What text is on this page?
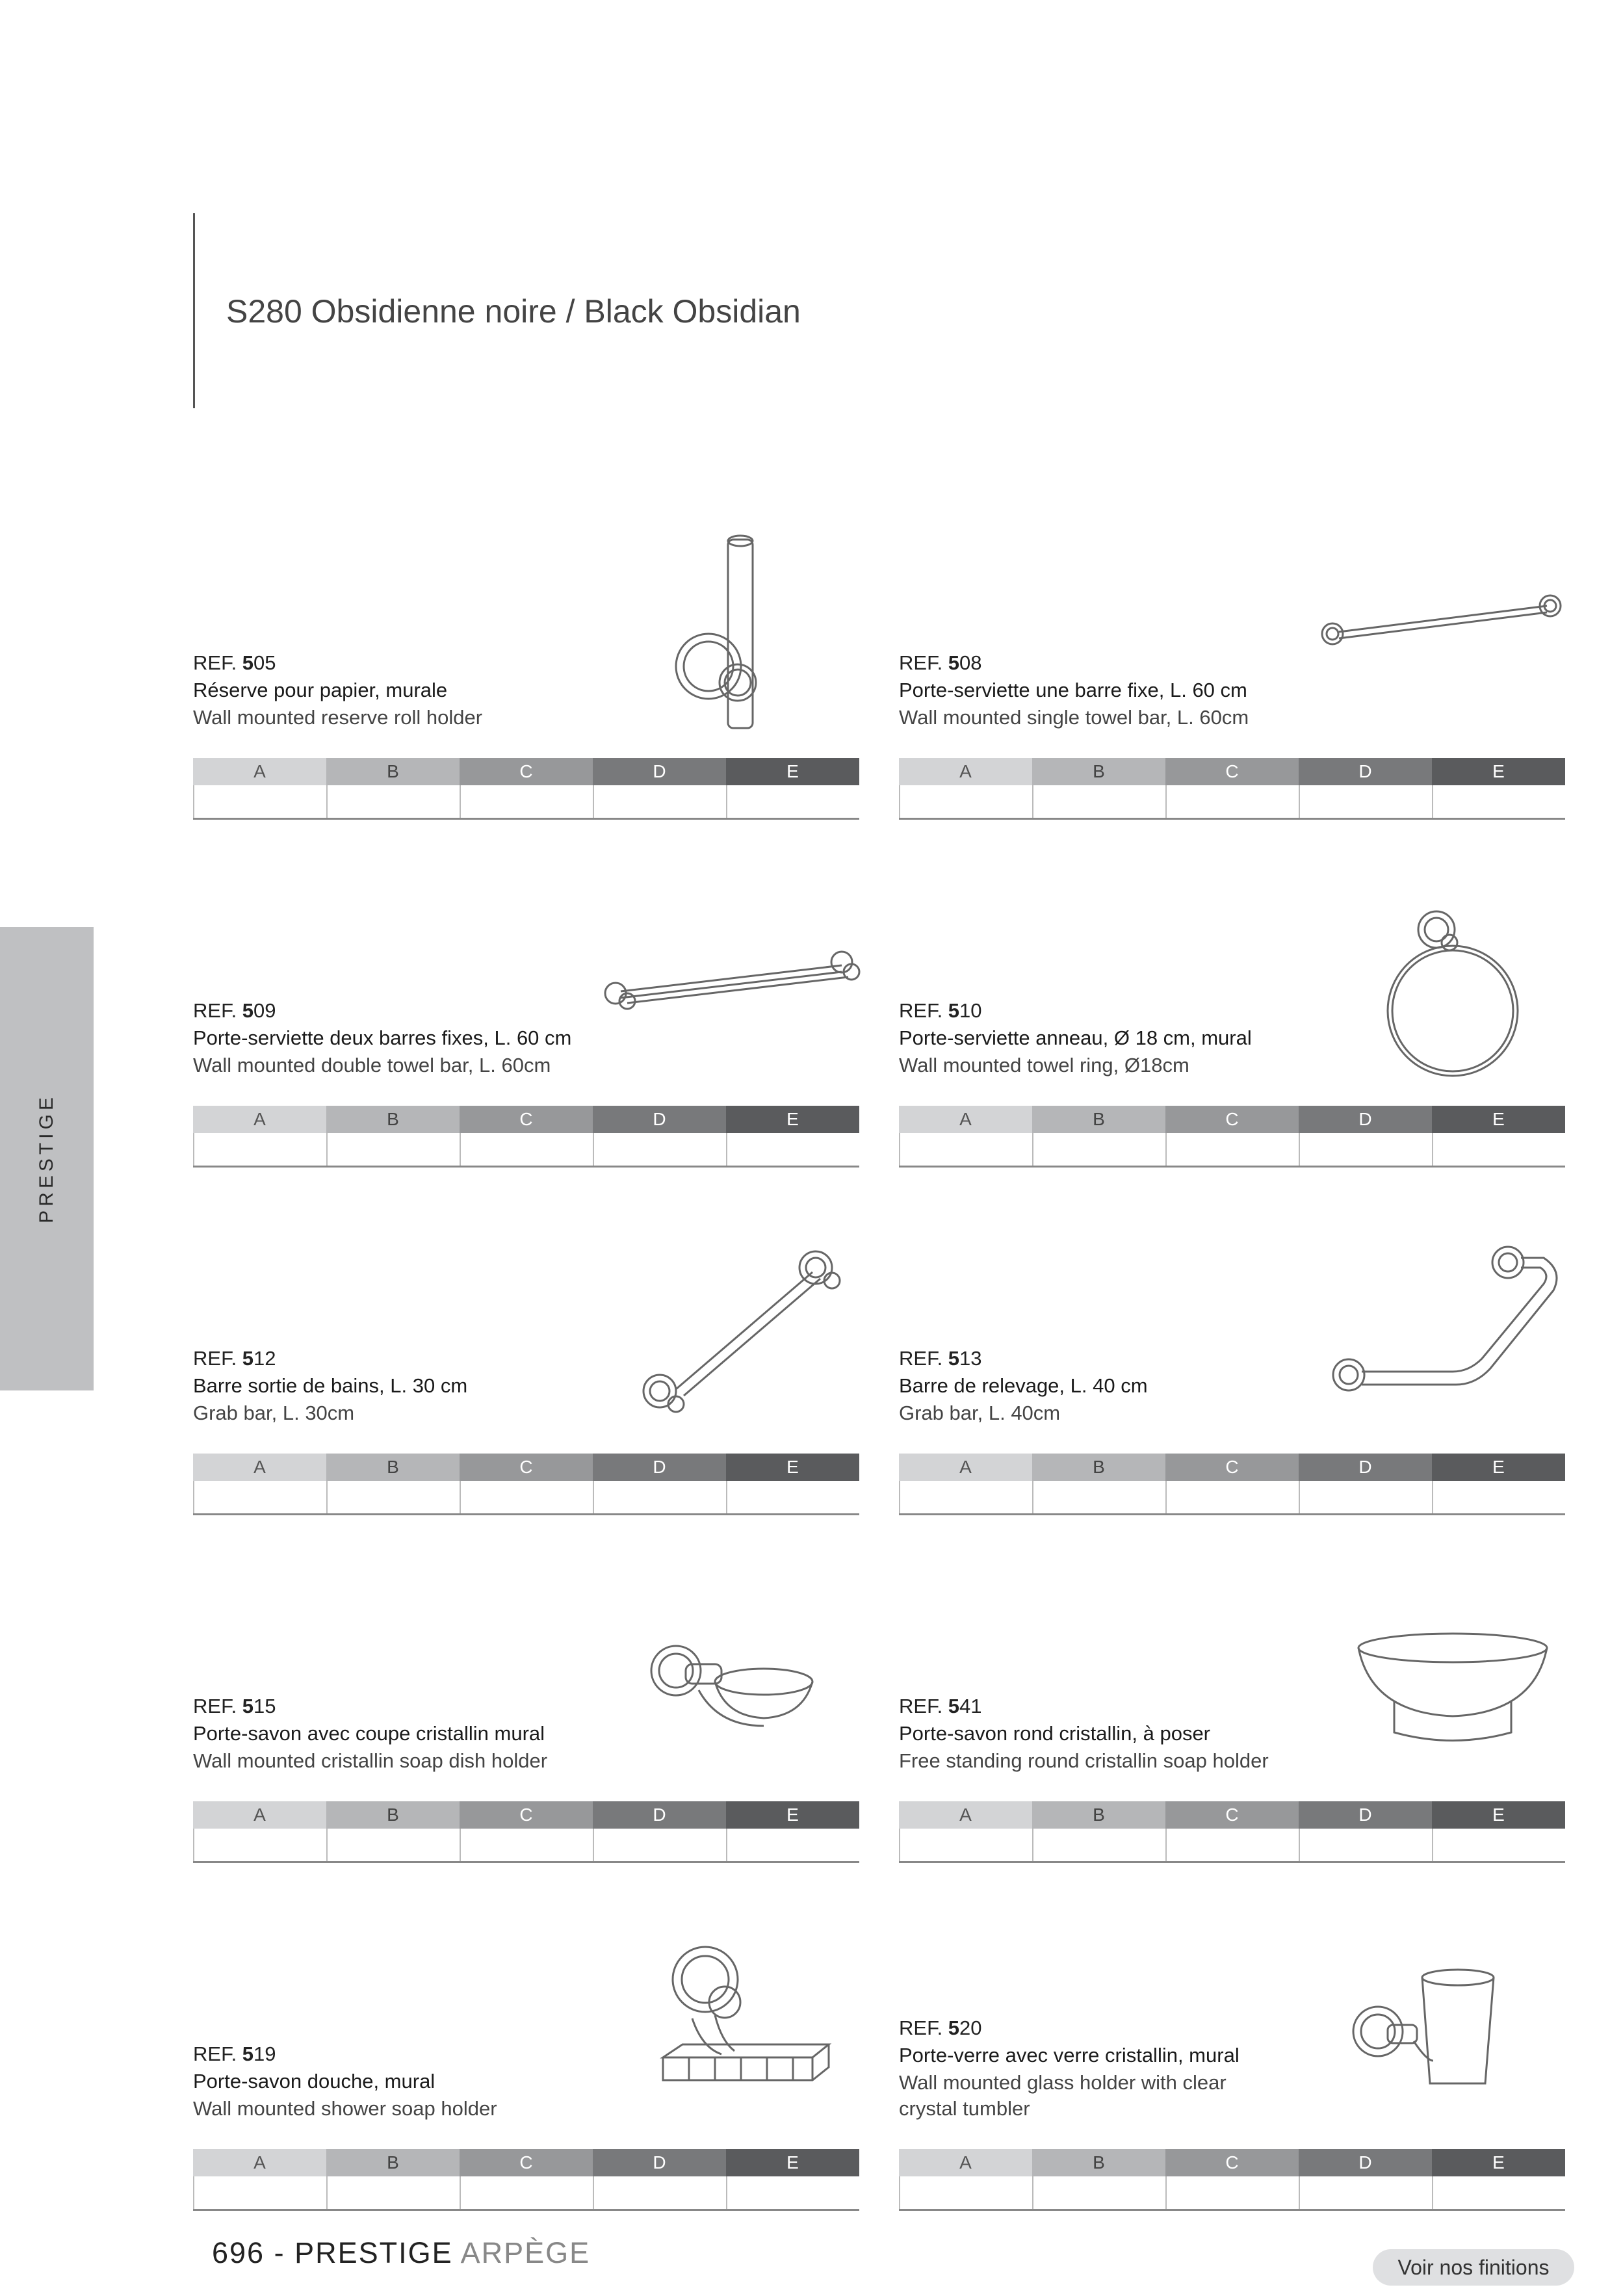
S280 Obsidienne noire / Black Obsidian
PRESTIGE

REF. 505

Réserve pour papier, murale

Wall mounted reserve roll holder

A	B	C	D	E

REF. 508

Porte-serviette une barre fixe, L. 60 cm

Wall mounted single towel bar, L. 60cm

A	B	C	D	E

REF. 509

Porte-serviette deux barres fixes, L. 60 cm

Wall mounted double towel bar, L. 60cm

A	B	C	D	E

REF. 510

Porte-serviette anneau, Ø 18 cm, mural

Wall mounted towel ring, Ø18cm

A	B	C	D	E

REF. 512

Barre sortie de bains, L. 30 cm

Grab bar, L. 30cm

A	B	C	D	E

REF. 513

Barre de relevage, L. 40 cm

Grab bar, L. 40cm

A	B	C	D	E

REF. 515

Porte-savon avec coupe cristallin mural

Wall mounted cristallin soap dish holder

A	B	C	D	E

REF. 541

Porte-savon rond cristallin, à poser

Free standing round cristallin soap holder

A	B	C	D	E

REF. 519

Porte-savon douche, mural

Wall mounted shower soap holder

A	B	C	D	E

REF. 520

Porte-verre avec verre cristallin, mural

Wall mounted glass holder with clear crystal tumbler

A	B	C	D	E
696 - PRESTIGE ARPÈGE	Voir nos finitions
